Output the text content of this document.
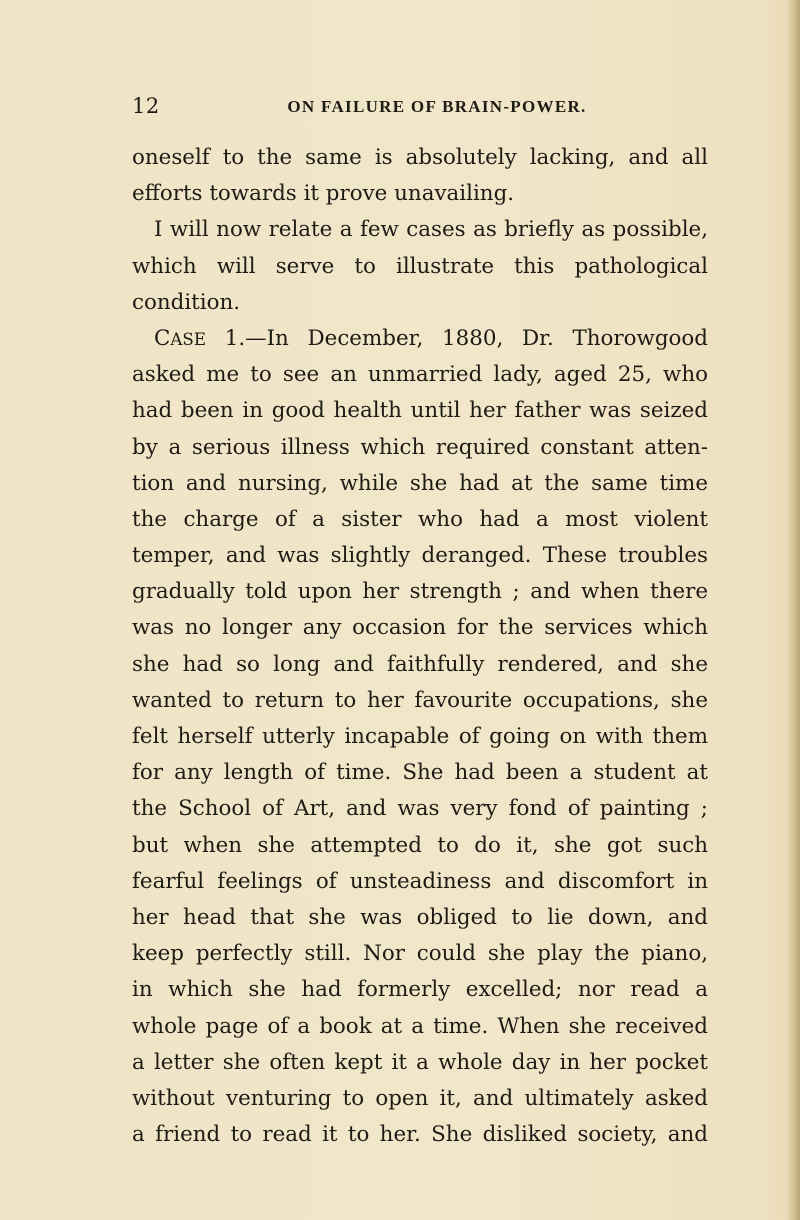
12	ON FAILURE OF BRAIN-POWER.
oneself to the same is absolutely lacking, and all
efforts towards it prove unavailing.
I will now relate a few cases as briefly as possible,
which will serve to illustrate this pathological
condition.
CASE 1.—In December, 1880, Dr. Thorowgood
asked me to see an unmarried lady, aged 25, who
had been in good health until her father was seized
by a serious illness which required constant atten-
tion and nursing, while she had at the same time
the charge of a sister who had a most violent
temper, and was slightly deranged. These troubles
gradually told upon her strength ; and when there
was no longer any occasion for the services which
she had so long and faithfully rendered, and she
wanted to return to her favourite occupations, she
felt herself utterly incapable of going on with them
for any length of time. She had been a student at
the School of Art, and was very fond of painting ;
but when she attempted to do it, she got such
fearful feelings of unsteadiness and discomfort in
her head that she was obliged to lie down, and
keep perfectly still. Nor could she play the piano,
in which she had formerly excelled; nor read a
whole page of a book at a time. When she received
a letter she often kept it a whole day in her pocket
without venturing to open it, and ultimately asked
a friend to read it to her. She disliked society, and
